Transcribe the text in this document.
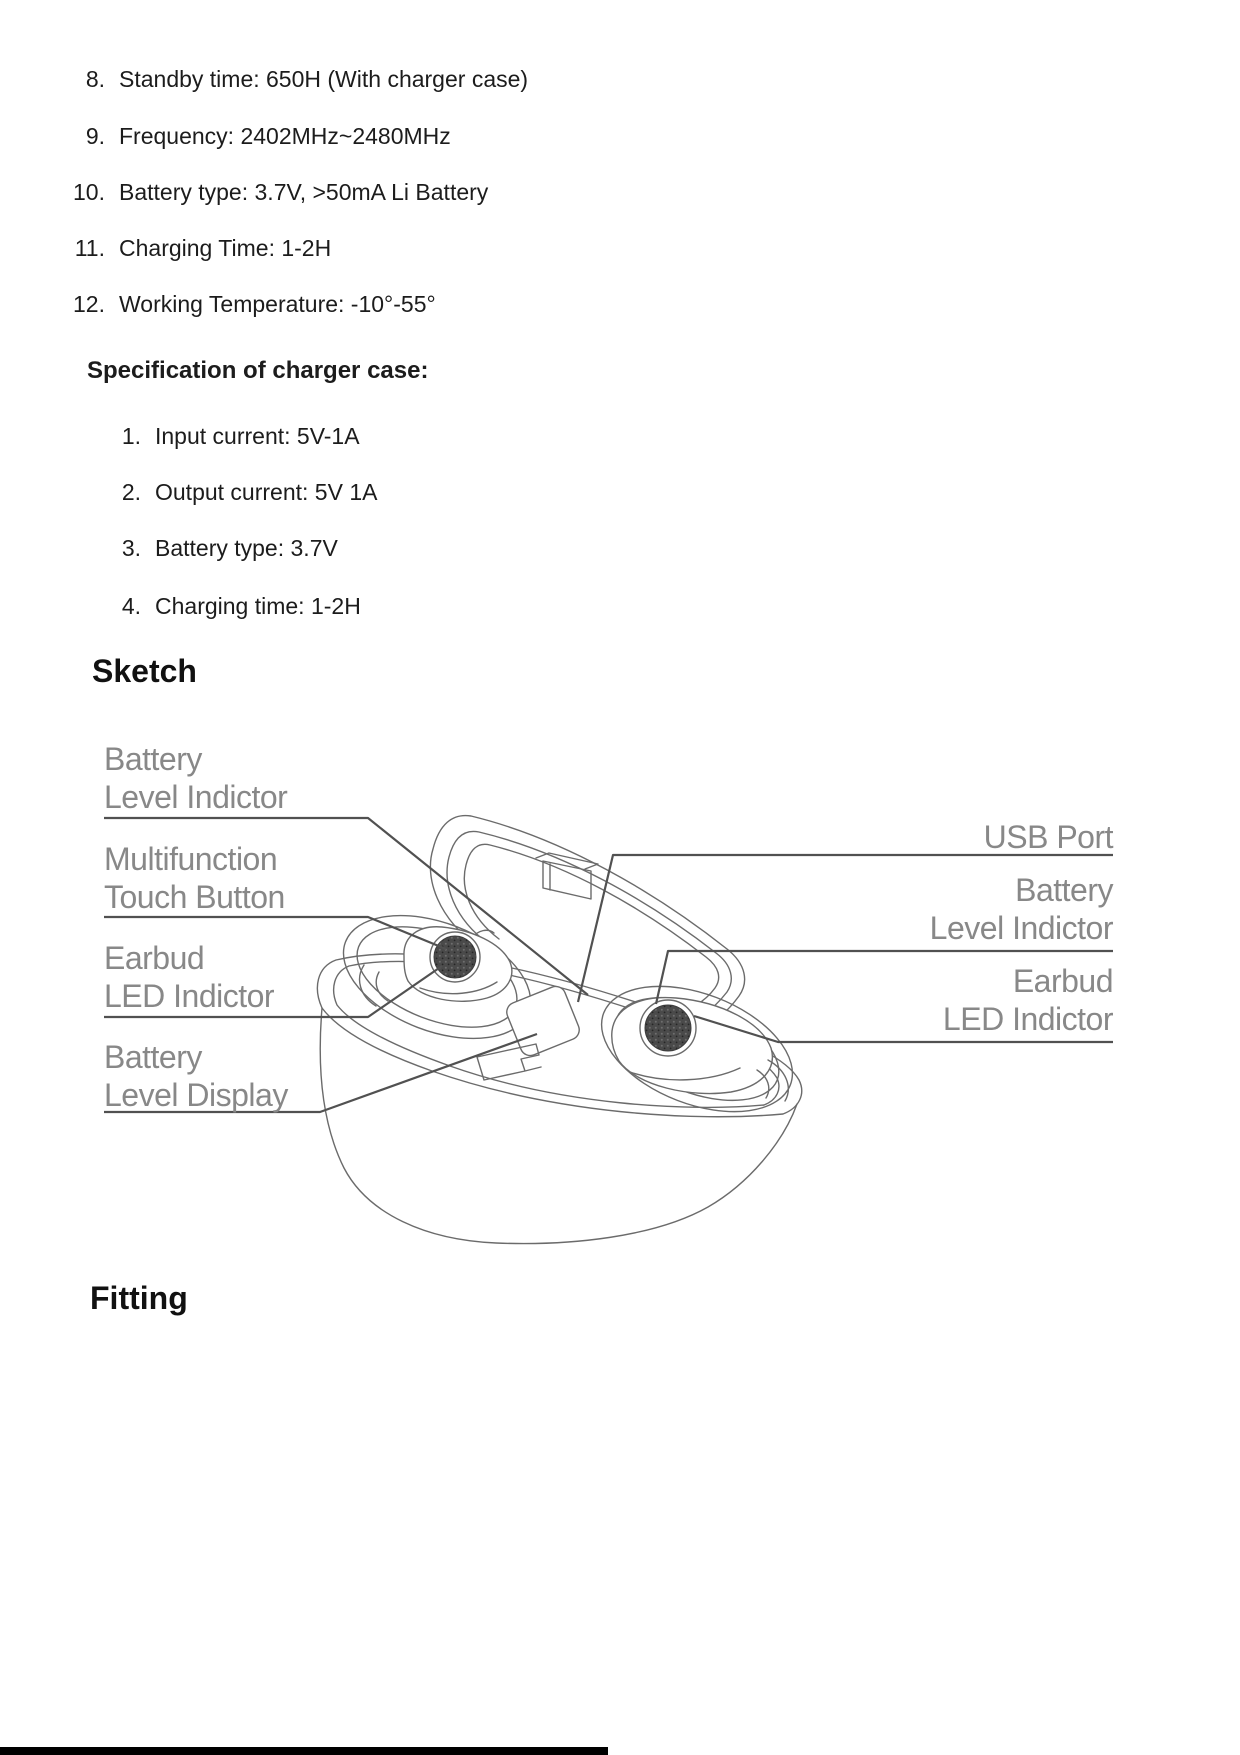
8. Standby time: 650H (With charger case)
9. Frequency: 2402MHz~2480MHz
10. Battery type: 3.7V, >50mA Li Battery
11. Charging Time: 1-2H
12. Working Temperature: -10°-55°
Specification of charger case:
1. Input current: 5V-1A
2. Output current: 5V 1A
3. Battery type: 3.7V
4. Charging time: 1-2H
Sketch
Battery
Level Indictor
Multifunction
Touch Button
Earbud
LED Indictor
Battery
Level Display
USB Port
Battery
Level Indictor
Earbud
LED Indictor
Fitting
